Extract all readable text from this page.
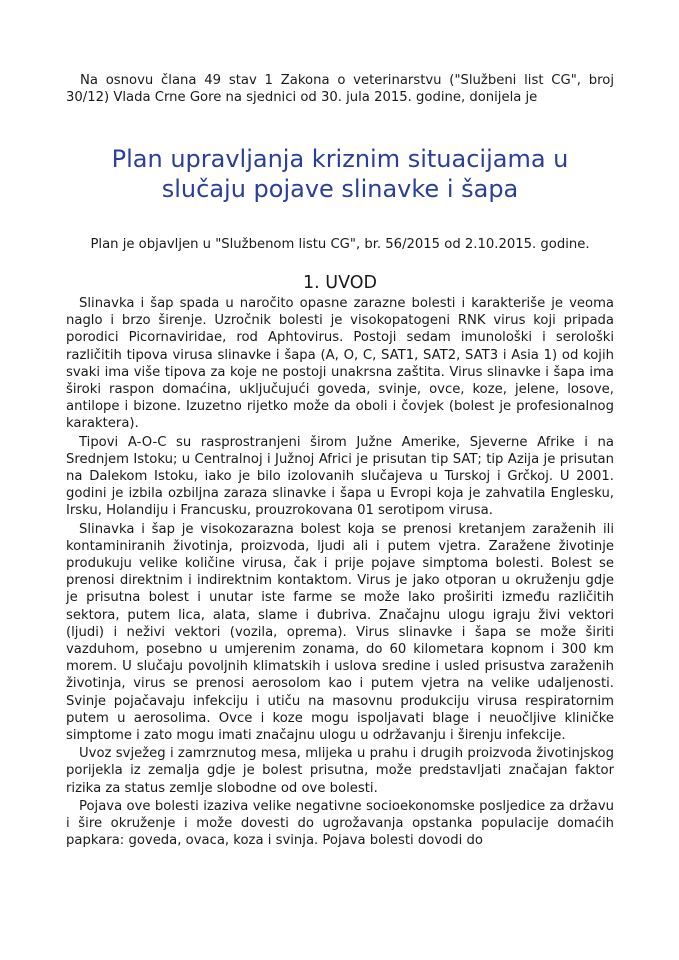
Na osnovu člana 49 stav 1 Zakona o veterinarstvu ("Službeni list CG", broj 30/12) Vlada Crne Gore na sjednici od 30. jula 2015. godine, donijela je

Plan upravljanja kriznim situacijama u slučaju pojave slinavke i šapa

Plan je objavljen u "Službenom listu CG", br. 56/2015 od 2.10.2015. godine.

1. UVOD

Slinavka i šap spada u naročito opasne zarazne bolesti i karakteriše je veoma naglo i brzo širenje. Uzročnik bolesti je visokopatogeni RNK virus koji pripada porodici Picornaviridae, rod Aphtovirus. Postoji sedam imunološki i serološki različitih tipova virusa slinavke i šapa (A, O, C, SAT1, SAT2, SAT3 i Asia 1) od kojih svaki ima više tipova za koje ne postoji unakrsna zaštita. Virus slinavke i šapa ima široki raspon domaćina, uključujući goveda, svinje, ovce, koze, jelene, losove, antilope i bizone. Izuzetno rijetko može da oboli i čovjek (bolest je profesionalnog karaktera).

Tipovi A-O-C su rasprostranjeni širom Južne Amerike, Sjeverne Afrike i na Srednjem Istoku; u Centralnoj i Južnoj Africi je prisutan tip SAT; tip Azija je prisutan na Dalekom Istoku, iako je bilo izolovanih slučajeva u Turskoj i Grčkoj. U 2001. godini je izbila ozbiljna zaraza slinavke i šapa u Evropi koja je zahvatila Englesku, Irsku, Holandiju i Francusku, prouzrokovana 01 serotipom virusa.

Slinavka i šap je visokozarazna bolest koja se prenosi kretanjem zaraženih ili kontaminiranih životinja, proizvoda, ljudi ali i putem vjetra. Zaražene životinje produkuju velike količine virusa, čak i prije pojave simptoma bolesti. Bolest se prenosi direktnim i indirektnim kontaktom. Virus je jako otporan u okruženju gdje je prisutna bolest i unutar iste farme se može lako proširiti između različitih sektora, putem lica, alata, slame i đubriva. Značajnu ulogu igraju živi vektori (ljudi) i neživi vektori (vozila, oprema). Virus slinavke i šapa se može širiti vazduhom, posebno u umjerenim zonama, do 60 kilometara kopnom i 300 km morem. U slučaju povoljnih klimatskih i uslova sredine i usled prisustva zaraženih životinja, virus se prenosi aerosolom kao i putem vjetra na velike udaljenosti. Svinje pojačavaju infekciju i utiču na masovnu produkciju virusa respiratornim putem u aerosolima. Ovce i koze mogu ispoljavati blage i neuočljive kliničke simptome i zato mogu imati značajnu ulogu u održavanju i širenju infekcije.

Uvoz svježeg i zamrznutog mesa, mlijeka u prahu i drugih proizvoda životinjskog porijekla iz zemalja gdje je bolest prisutna, može predstavljati značajan faktor rizika za status zemlje slobodne od ove bolesti.

Pojava ove bolesti izaziva velike negativne socioekonomske posljedice za državu i šire okruženje i može dovesti do ugrožavanja opstanka populacije domaćih papkara: goveda, ovaca, koza i svinja. Pojava bolesti dovodi do
